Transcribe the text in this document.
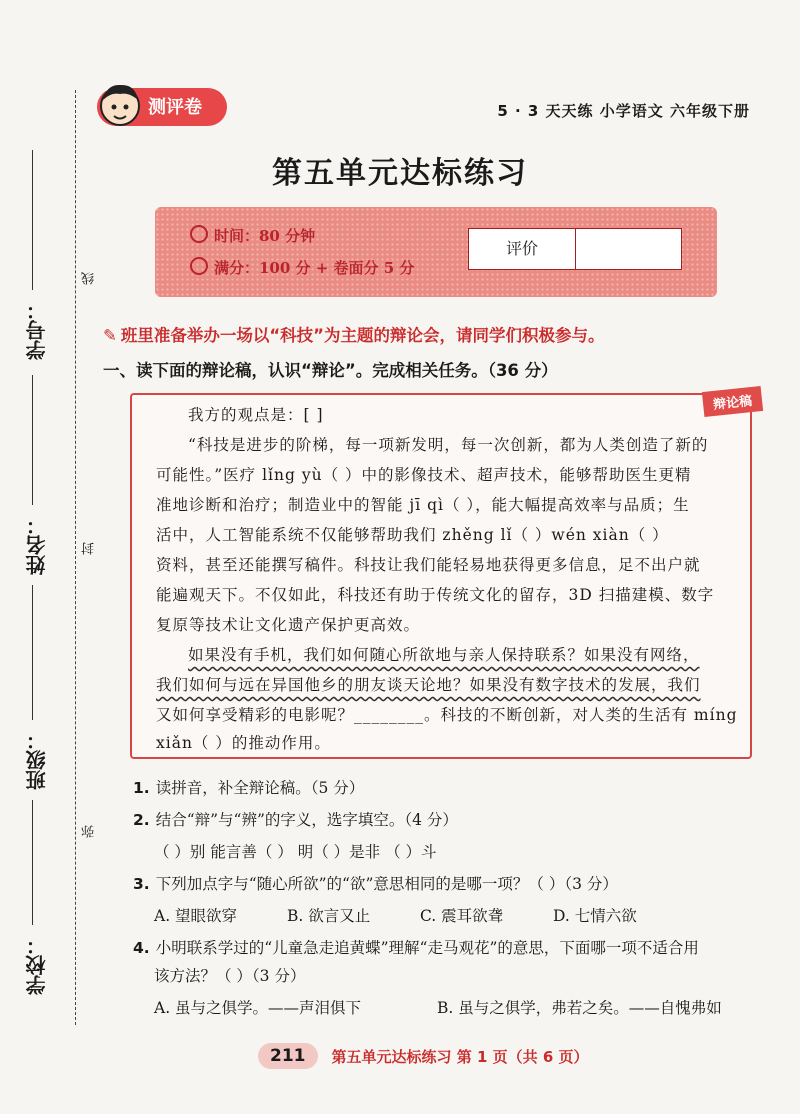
学号：
姓名：
班级：
学校：
线
封
弥
测评卷	5 · 3 天天练 小学语文 六年级下册
第五单元达标练习
时间：80 分钟
满分：100 分 + 卷面分 5 分
评价
✎ 班里准备举办一场以“科技”为主题的辩论会，请同学们积极参与。
一、读下面的辩论稿，认识“辩论”。完成相关任务。（36 分）
辩论稿
我方的观点是：[ ]
“科技是进步的阶梯，每一项新发明，每一次创新，都为人类创造了新的
可能性。”医疗 lǐng yù（ ）中的影像技术、超声技术，能够帮助医生更精
准地诊断和治疗；制造业中的智能 jī qì（ ），能大幅提高效率与品质；生
活中，人工智能系统不仅能够帮助我们 zhěng lǐ（ ）wén xiàn（ ）
资料，甚至还能撰写稿件。科技让我们能轻易地获得更多信息，足不出户就
能遍观天下。不仅如此，科技还有助于传统文化的留存，3D 扫描建模、数字
复原等技术让文化遗产保护更高效。
如果没有手机，我们如何随心所欲地与亲人保持联系？如果没有网络，
我们如何与远在异国他乡的朋友谈天论地？如果没有数字技术的发展，我们
又如何享受精彩的电影呢？________。科技的不断创新，对人类的生活有 míng
xiǎn（ ）的推动作用。
1. 读拼音，补全辩论稿。（5 分）
2. 结合“辩”与“辨”的字义，选字填空。（4 分）
（ ）别 能言善（ ） 明（ ）是非 （ ）斗
3. 下列加点字与“随心所欲”的“欲”意思相同的是哪一项？（ ）（3 分）
A. 望眼欲穿	B. 欲言又止	C. 震耳欲聋	D. 七情六欲
4. 小明联系学过的“儿童急走追黄蝶”理解“走马观花”的意思，下面哪一项不适合用
该方法？（ ）（3 分）
A. 虽与之俱学。——声泪俱下	B. 虽与之俱学，弗若之矣。——自愧弗如
211	第五单元达标练习 第 1 页（共 6 页）
